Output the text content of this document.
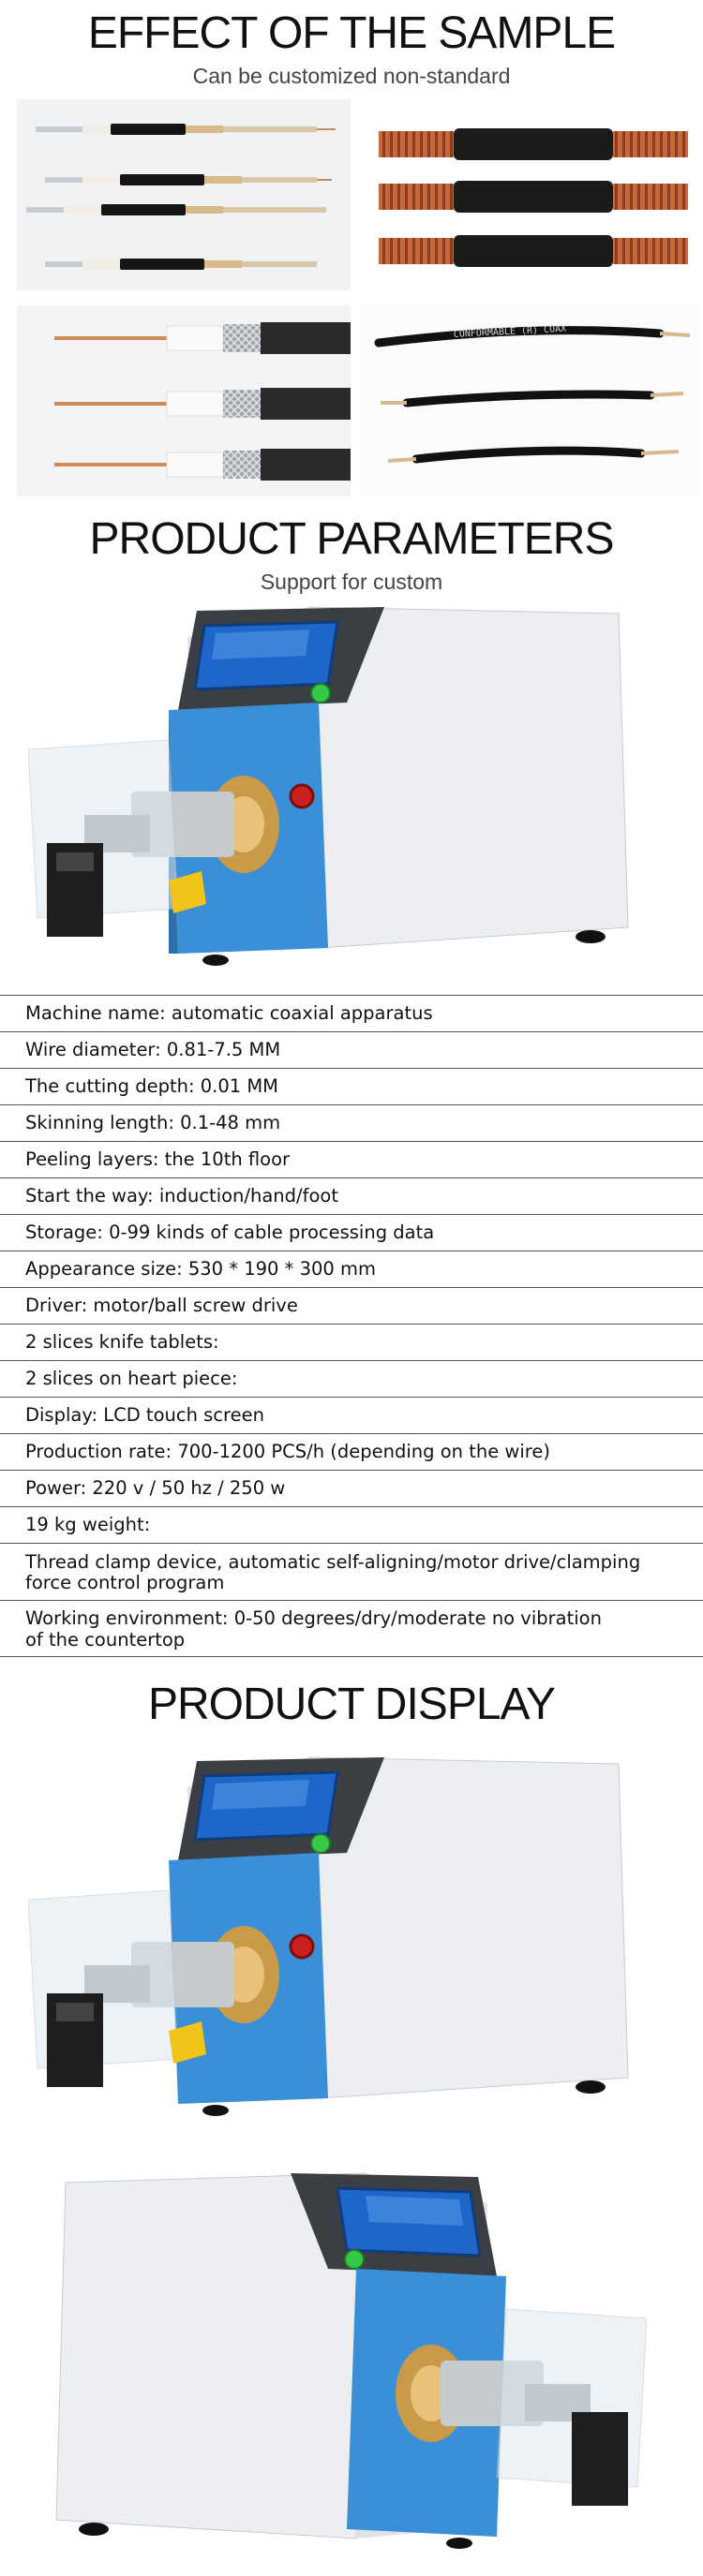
EFFECT OF THE SAMPLE
Can be customized non-standard
CONFORMABLE (R) COAX
PRODUCT PARAMETERS
Support for custom
Machine name: automatic coaxial apparatus
Wire diameter: 0.81-7.5 MM
The cutting depth: 0.01 MM
Skinning length: 0.1-48 mm
Peeling layers: the 10th floor
Start the way: induction/hand/foot
Storage: 0-99 kinds of cable processing data
Appearance size: 530 * 190 * 300 mm
Driver: motor/ball screw drive
2 slices knife tablets:
2 slices on heart piece:
Display: LCD touch screen
Production rate: 700-1200 PCS/h (depending on the wire)
Power: 220 v / 50 hz / 250 w
19 kg weight:
Thread clamp device, automatic self-aligning/motor drive/clamping
force control program
Working environment: 0-50 degrees/dry/moderate no vibration
of the countertop
PRODUCT DISPLAY
